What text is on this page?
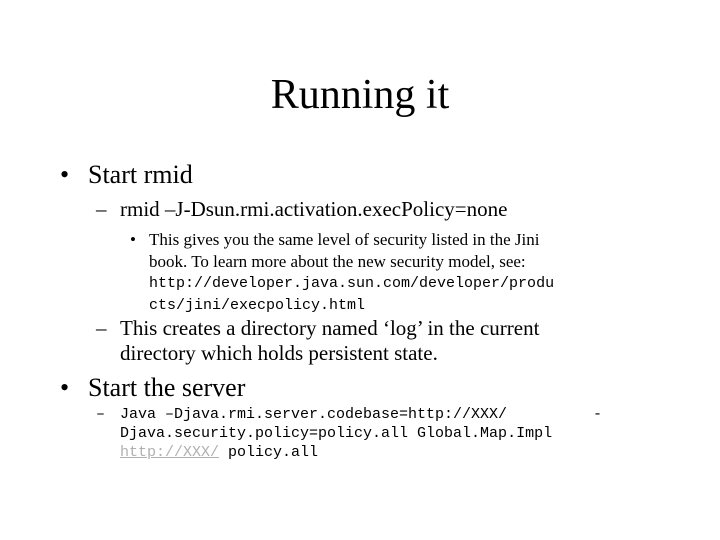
Running it
• Start rmid
– rmid –J-Dsun.rmi.activation.execPolicy=none
• This gives you the same level of security listed in the Jini
book. To learn more about the new security model, see:
http://developer.java.sun.com/developer/produ
cts/jini/execpolicy.html
– This creates a directory named ‘log’ in the current
directory which holds persistent state.
• Start the server
– Java –Djava.rmi.server.codebase=http://XXX/	-
Djava.security.policy=policy.all Global.Map.Impl
http://XXX/ policy.all
